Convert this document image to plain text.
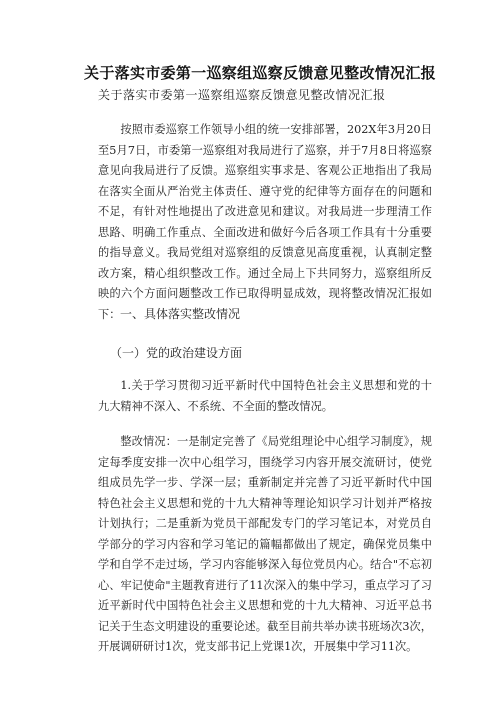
关于落实市委第一巡察组巡察反馈意见整改情况汇报
关于落实市委第一巡察组巡察反馈意见整改情况汇报

按照市委巡察工作领导小组的统一安排部署，202X年3月20日至5月7日，市委第一巡察组对我局进行了巡察，并于7月8日将巡察意见向我局进行了反馈。巡察组实事求是、客观公正地指出了我局在落实全面从严治党主体责任、遵守党的纪律等方面存在的问题和不足，有针对性地提出了改进意见和建议。对我局进一步理清工作思路、明确工作重点、全面改进和做好今后各项工作具有十分重要的指导意义。我局党组对巡察组的反馈意见高度重视，认真制定整改方案，精心组织整改工作。通过全局上下共同努力，巡察组所反映的六个方面问题整改工作已取得明显成效，现将整改情况汇报如下： 一、具体落实整改情况
（一）党的政治建设方面

1.关于学习贯彻习近平新时代中国特色社会主义思想和党的十九大精神不深入、不系统、不全面的整改情况。

整改情况：一是制定完善了《局党组理论中心组学习制度》，规定每季度安排一次中心组学习，围绕学习内容开展交流研讨，使党组成员先学一步、学深一层；重新制定并完善了习近平新时代中国特色社会主义思想和党的十九大精神等理论知识学习计划并严格按计划执行；二是重新为党员干部配发专门的学习笔记本，对党员自学部分的学习内容和学习笔记的篇幅都做出了规定，确保党员集中学和自学不走过场，学习内容能够深入每位党员内心。结合"不忘初心、牢记使命"主题教育进行了11次深入的集中学习，重点学习了习近平新时代中国特色社会主义思想和党的十九大精神、习近平总书记关于生态文明建设的重要论述。截至目前共举办读书班场次3次，开展调研研讨1次，党支部书记上党课1次，开展集中学习11次。
